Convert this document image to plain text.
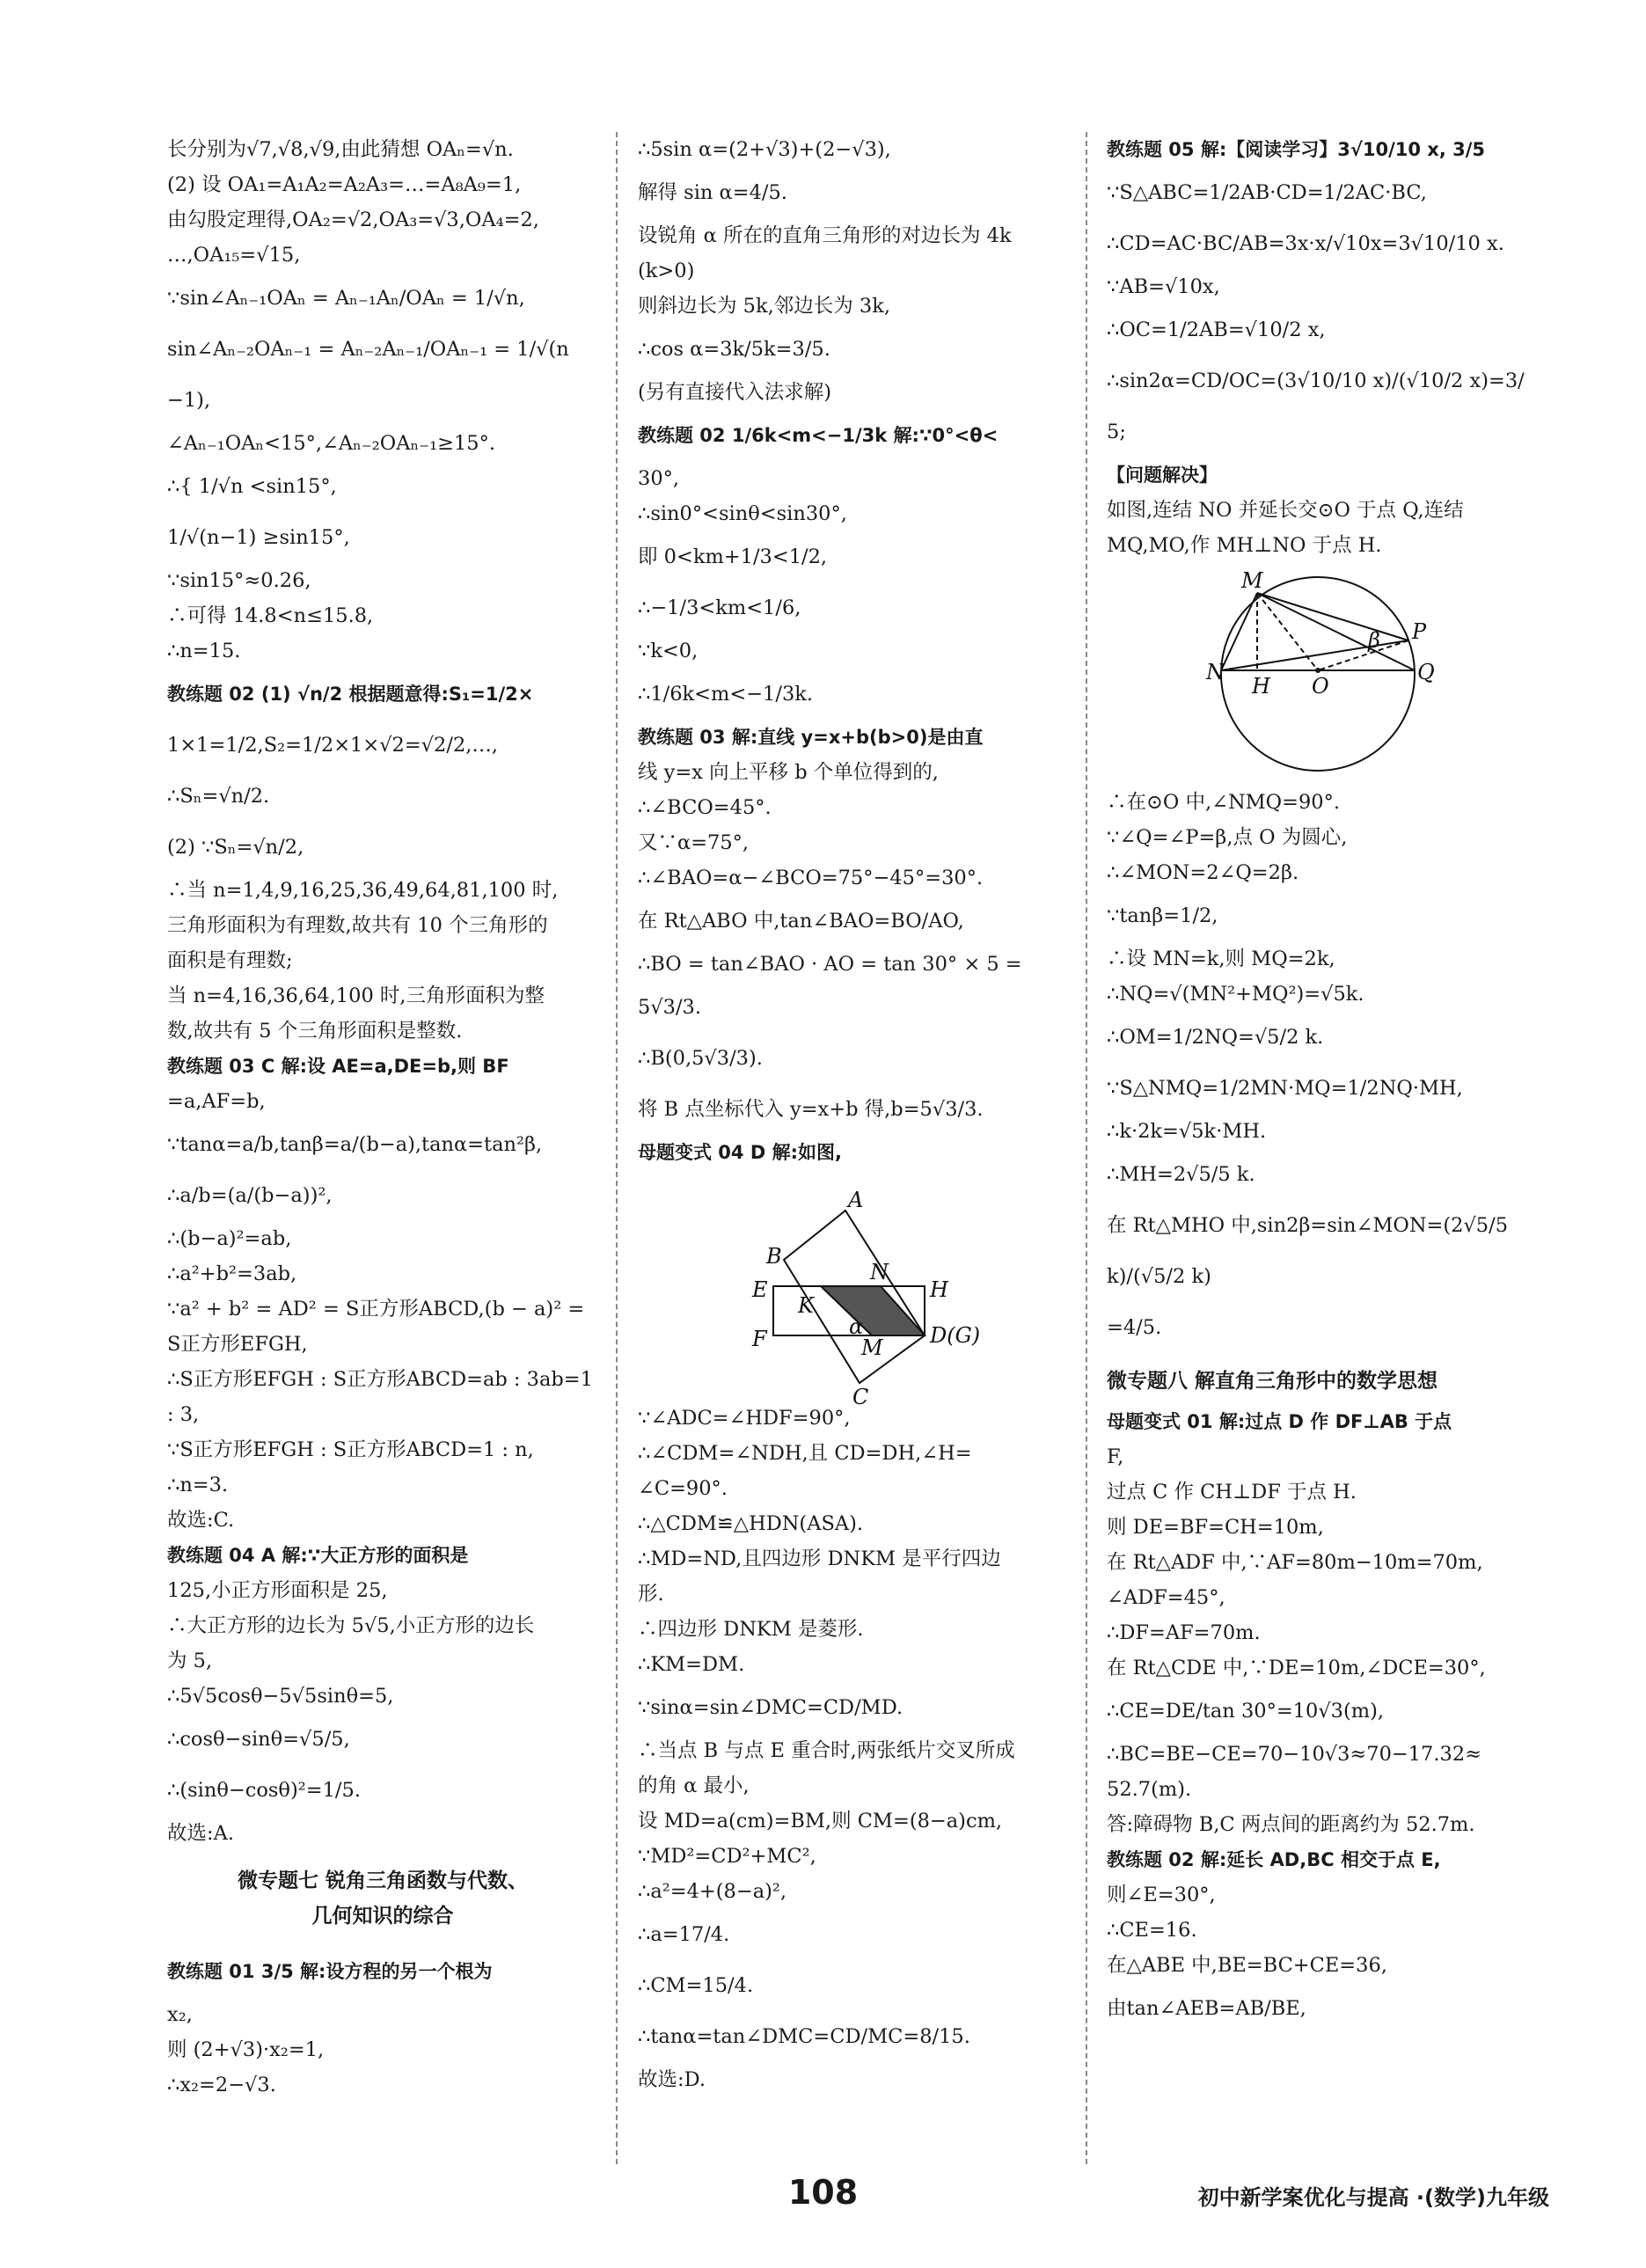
长分别为√7,√8,√9,由此猜想 OAₙ=√n.
(2) 设 OA₁=A₁A₂=A₂A₃=…=A₈A₉=1,
由勾股定理得,OA₂=√2,OA₃=√3,OA₄=2,
…,OA₁₅=√15,
∵sin∠Aₙ₋₁OAₙ = Aₙ₋₁Aₙ/OAₙ = 1/√n,
sin∠Aₙ₋₂OAₙ₋₁ = Aₙ₋₂Aₙ₋₁/OAₙ₋₁ = 1/√(n−1),
∠Aₙ₋₁OAₙ<15°,∠Aₙ₋₂OAₙ₋₁≥15°.
∴{ 1/√n <sin15°,
1/√(n−1) ≥sin15°,
∵sin15°≈0.26,
∴可得 14.8<n≤15.8,
∴n=15.
教练题 02 (1) √n/2 根据题意得:S₁=1/2×
1×1=1/2,S₂=1/2×1×√2=√2/2,…,
∴Sₙ=√n/2.
(2) ∵Sₙ=√n/2,
∴当 n=1,4,9,16,25,36,49,64,81,100 时,
三角形面积为有理数,故共有 10 个三角形的
面积是有理数;
当 n=4,16,36,64,100 时,三角形面积为整
数,故共有 5 个三角形面积是整数.
教练题 03 C 解:设 AE=a,DE=b,则 BF
=a,AF=b,
∵tanα=a/b,tanβ=a/(b−a),tanα=tan²β,
∴a/b=(a/(b−a))²,
∴(b−a)²=ab,
∴a²+b²=3ab,
∵a² + b² = AD² = S正方形ABCD,(b − a)² =
S正方形EFGH,
∴S正方形EFGH : S正方形ABCD=ab : 3ab=1 : 3,
∵S正方形EFGH : S正方形ABCD=1 : n,
∴n=3.
故选:C.
教练题 04 A 解:∵大正方形的面积是
125,小正方形面积是 25,
∴大正方形的边长为 5√5,小正方形的边长
为 5,
∴5√5cosθ−5√5sinθ=5,
∴cosθ−sinθ=√5/5,
∴(sinθ−cosθ)²=1/5.
故选:A.
微专题七 锐角三角函数与代数、
几何知识的综合
教练题 01 3/5 解:设方程的另一个根为
x₂,
则 (2+√3)·x₂=1,
∴x₂=2−√3.
∴5sin α=(2+√3)+(2−√3),
解得 sin α=4/5.
设锐角 α 所在的直角三角形的对边长为 4k
(k>0)
则斜边长为 5k,邻边长为 3k,
∴cos α=3k/5k=3/5.
(另有直接代入法求解)
教练题 02 1/6k<m<−1/3k 解:∵0°<θ<
30°,
∴sin0°<sinθ<sin30°,
即 0<km+1/3<1/2,
∴−1/3<km<1/6,
∵k<0,
∴1/6k<m<−1/3k.
教练题 03 解:直线 y=x+b(b>0)是由直
线 y=x 向上平移 b 个单位得到的,
∴∠BCO=45°.
又∵α=75°,
∴∠BAO=α−∠BCO=75°−45°=30°.
在 Rt△ABO 中,tan∠BAO=BO/AO,
∴BO = tan∠BAO · AO = tan 30° × 5 =
5√3/3.
∴B(0,5√3/3).
将 B 点坐标代入 y=x+b 得,b=5√3/3.
母题变式 04 D 解:如图,
A
B
N
E	H
K
F	α
M D(G)
C
∵∠ADC=∠HDF=90°,
∴∠CDM=∠NDH,且 CD=DH,∠H=
∠C=90°.
∴△CDM≌△HDN(ASA).
∴MD=ND,且四边形 DNKM 是平行四边
形.
∴四边形 DNKM 是菱形.
∴KM=DM.
∵sinα=sin∠DMC=CD/MD.
∴当点 B 与点 E 重合时,两张纸片交叉所成
的角 α 最小,
设 MD=a(cm)=BM,则 CM=(8−a)cm,
∵MD²=CD²+MC²,
∴a²=4+(8−a)²,
∴a=17/4.
∴CM=15/4.
∴tanα=tan∠DMC=CD/MC=8/15.
故选:D.
教练题 05 解:【阅读学习】3√10/10 x, 3/5
∵S△ABC=1/2AB·CD=1/2AC·BC,
∴CD=AC·BC/AB=3x·x/√10x=3√10/10 x.
∵AB=√10x,
∴OC=1/2AB=√10/2 x,
∴sin2α=CD/OC=(3√10/10 x)/(√10/2 x)=3/5;
【问题解决】
如图,连结 NO 并延长交⊙O 于点 Q,连结
MQ,MO,作 MH⊥NO 于点 H.
M
N
H O
P
Q
β
∴在⊙O 中,∠NMQ=90°.
∵∠Q=∠P=β,点 O 为圆心,
∴∠MON=2∠Q=2β.
∵tanβ=1/2,
∴设 MN=k,则 MQ=2k,
∴NQ=√(MN²+MQ²)=√5k.
∴OM=1/2NQ=√5/2 k.
∵S△NMQ=1/2MN·MQ=1/2NQ·MH,
∴k·2k=√5k·MH.
∴MH=2√5/5 k.
在 Rt△MHO 中,sin2β=sin∠MON=(2√5/5 k)/(√5/2 k)
=4/5.
微专题八 解直角三角形中的数学思想
母题变式 01 解:过点 D 作 DF⊥AB 于点
F,
过点 C 作 CH⊥DF 于点 H.
则 DE=BF=CH=10m,
在 Rt△ADF 中,∵AF=80m−10m=70m,
∠ADF=45°,
∴DF=AF=70m.
在 Rt△CDE 中,∵DE=10m,∠DCE=30°,
∴CE=DE/tan 30°=10√3(m),
∴BC=BE−CE=70−10√3≈70−17.32≈
52.7(m).
答:障碍物 B,C 两点间的距离约为 52.7m.
教练题 02 解:延长 AD,BC 相交于点 E,
则∠E=30°,
∴CE=16.
在△ABE 中,BE=BC+CE=36,
由tan∠AEB=AB/BE,
108	初中新学案优化与提高 ·(数学)九年级
